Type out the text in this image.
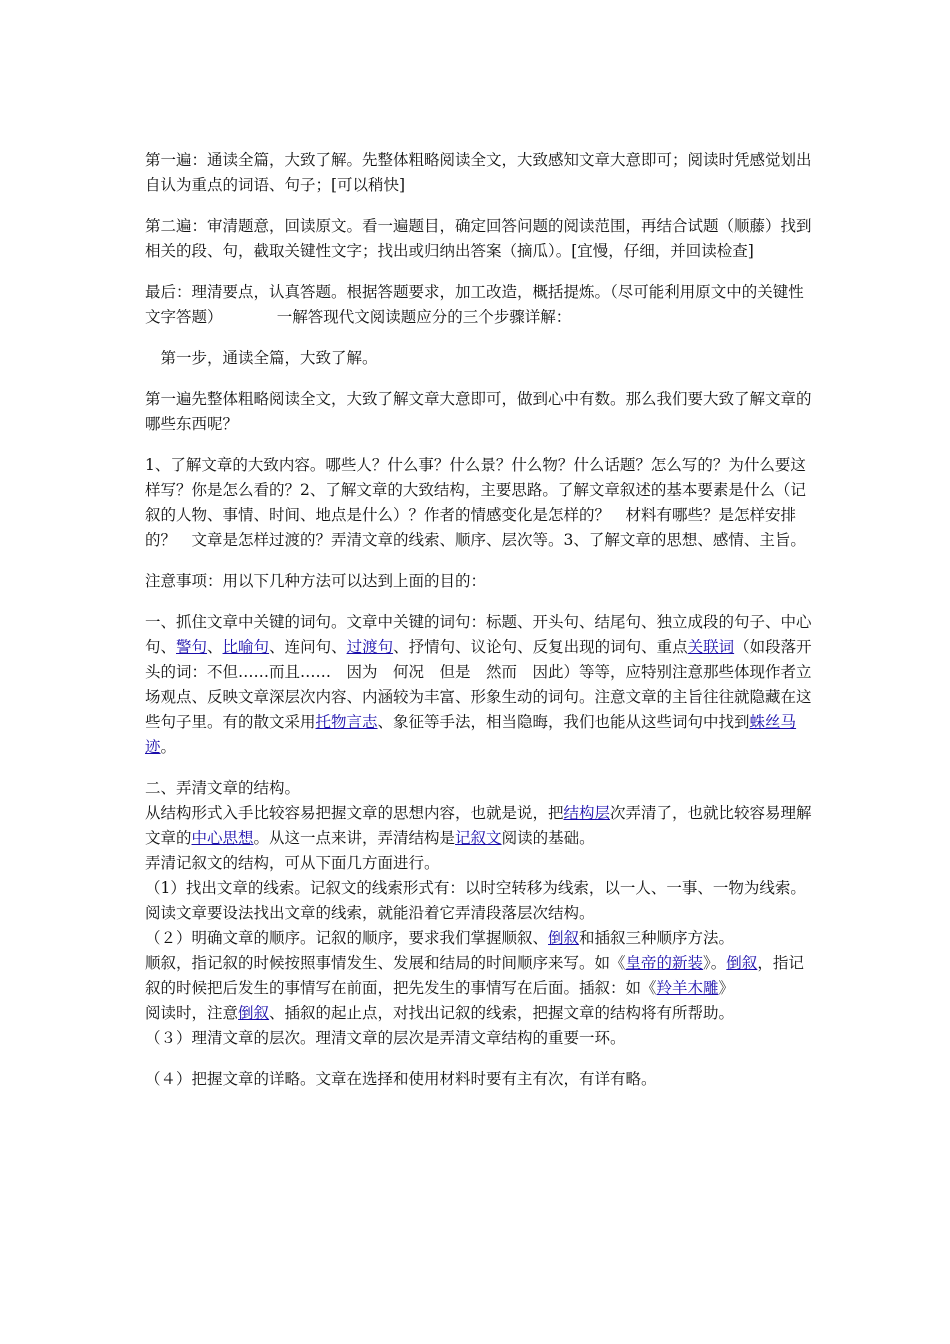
第一遍：通读全篇，大致了解。先整体粗略阅读全文，大致感知文章大意即可；阅读时凭感觉划出自认为重点的词语、句子；[可以稍快]

第二遍：审清题意，回读原文。看一遍题目，确定回答问题的阅读范围，再结合试题（顺藤）找到相关的段、句，截取关键性文字；找出或归纳出答案（摘瓜）。[宜慢，仔细，并回读检查]

最后：理清要点，认真答题。根据答题要求，加工改造，概括提炼。（尽可能利用原文中的关键性文字答题）　　　　一解答现代文阅读题应分的三个步骤详解：

　第一步，通读全篇，大致了解。

第一遍先整体粗略阅读全文，大致了解文章大意即可，做到心中有数。那么我们要大致了解文章的哪些东西呢？

1、了解文章的大致内容。哪些人？什么事？什么景？什么物？什么话题？怎么写的？为什么要这样写？你是怎么看的？2、了解文章的大致结构，主要思路。了解文章叙述的基本要素是什么（记叙的人物、事情、时间、地点是什么）？作者的情感变化是怎样的？　材料有哪些？是怎样安排的？　文章是怎样过渡的？弄清文章的线索、顺序、层次等。3、了解文章的思想、感情、主旨。

注意事项：用以下几种方法可以达到上面的目的：

一、抓住文章中关键的词句。文章中关键的词句：标题、开头句、结尾句、独立成段的句子、中心句、警句、比喻句、连问句、过渡句、抒情句、议论句、反复出现的词句、重点关联词（如段落开头的词：不但……而且……　因为　何况　但是　然而　因此）等等，应特别注意那些体现作者立场观点、反映文章深层次内容、内涵较为丰富、形象生动的词句。注意文章的主旨往往就隐藏在这些句子里。有的散文采用托物言志、象征等手法，相当隐晦，我们也能从这些词句中找到蛛丝马迹。

二、弄清文章的结构。

从结构形式入手比较容易把握文章的思想内容，也就是说，把结构层次弄清了，也就比较容易理解文章的中心思想。从这一点来讲，弄清结构是记叙文阅读的基础。

弄清记叙文的结构，可从下面几方面进行。

（1）找出文章的线索。记叙文的线索形式有：以时空转移为线索，以一人、一事、一物为线索。阅读文章要设法找出文章的线索，就能沿着它弄清段落层次结构。

（２）明确文章的顺序。记叙的顺序，要求我们掌握顺叙、倒叙和插叙三种顺序方法。

顺叙，指记叙的时候按照事情发生、发展和结局的时间顺序来写。如《皇帝的新装》。倒叙，指记叙的时候把后发生的事情写在前面，把先发生的事情写在后面。插叙：如《羚羊木雕》

阅读时，注意倒叙、插叙的起止点，对找出记叙的线索，把握文章的结构将有所帮助。

（３）理清文章的层次。理清文章的层次是弄清文章结构的重要一环。

（４）把握文章的详略。文章在选择和使用材料时要有主有次，有详有略。
